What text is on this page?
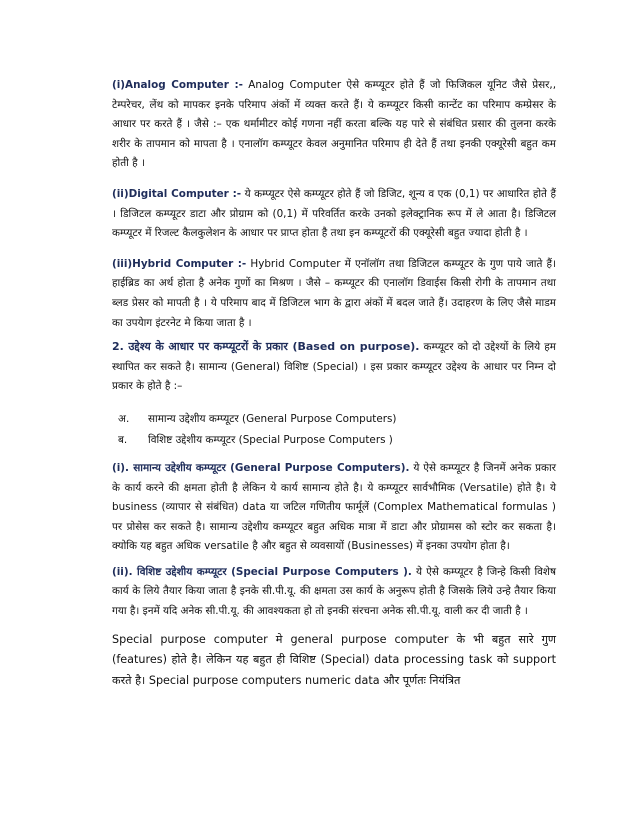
(i)Analog Computer :- Analog Computer ऐसे कम्प्यूटर होते हैं जो फिजिकल यूनिट जैसे प्रेसर,, टेम्परेचर, लेंथ को मापकर इनके परिमाप अंकों में व्यक्त करते हैं। ये कम्प्यूटर किसी कान्टेंट का परिमाप कम्प्रेसर के आधार पर करते हैं । जैसे :– एक थर्मामीटर कोई गणना नहीं करता बल्कि यह पारे से संबंधित प्रसार की तुलना करके शरीर के तापमान को मापता है । एनालॉग कम्प्यूटर केवल अनुमानित परिमाप ही देते हैं तथा इनकी एक्यूरेसी बहुत कम होती है ।

(ii)Digital Computer :- ये कम्प्यूटर ऐसे कम्प्यूटर होते हैं जो डिजिट, शून्य व एक (0,1) पर आधारित होते हैं । डिजिटल कम्प्यूटर डाटा और प्रोग्राम को (0,1) में परिवर्तित करके उनको इलेक्ट्रानिक रूप में ले आता है। डिजिटल कम्प्यूटर में रिजल्ट कैलकुलेशन के आधार पर प्राप्त होता है तथा इन कम्प्यूटरों की एक्यूरेसी बहुत ज्यादा होती है ।

(iii)Hybrid Computer :- Hybrid Computer में एनॉलॉग तथा डिजिटल कम्प्यूटर के गुण पाये जाते हैं। हाईब्रिड का अर्थ होता है अनेक गुणों का मिश्रण । जैसे – कम्प्यूटर की एनालॉग डिवाईस किसी रोगी के तापमान तथा ब्लड प्रेसर को मापती है । ये परिमाप बाद में डिजिटल भाग के द्वारा अंकों में बदल जाते हैं। उदाहरण के लिए जैसे माडम का उपयेाग इंटरनेट मे किया जाता है ।

2. उद्देश्य के आधार पर कम्प्यूटरों के प्रकार (Based on purpose). कम्प्यूटर को दो उद्देश्यों के लिये हम स्थापित कर सकते है। सामान्य (General) विशिष्ट (Special) । इस प्रकार कम्प्यूटर उद्देश्य के आधार पर निम्न दो प्रकार के होते है :–

अ.	सामान्य उद्देशीय कम्प्यूटर (General Purpose Computers)
ब.	विशिष्ट उद्देशीय कम्प्यूटर (Special Purpose Computers )

(i). सामान्य उद्देशीय कम्प्यूटर (General Purpose Computers). ये ऐसे कम्प्यूटर है जिनमें अनेक प्रकार के कार्य करने की क्षमता होती है लेकिन ये कार्य सामान्य होते है। ये कम्प्यूटर सार्वभौमिक (Versatile) होते है। ये business (व्यापार से संबंधित) data या जटिल गणितीय फार्मूलें (Complex Mathematical formulas ) पर प्रोसेस कर सकते है। सामान्य उद्देशीय कम्प्यूटर बहुत अधिक मात्रा में डाटा और प्रोग्रामस को स्टोर कर सकता है। क्योकि यह बहुत अधिक versatile है और बहुत से व्यवसायों (Businesses) में इनका उपयोग होता है।

(ii). विशिष्ट उद्देशीय कम्प्यूटर (Special Purpose Computers ). ये ऐसे कम्प्यूटर है जिन्हे किसी विशेष कार्य के लिये तैयार किया जाता है इनके सी.पी.यू. की क्षमता उस कार्य के अनुरूप होती है जिसके लिये उन्हे तैयार किया गया है। इनमें यदि अनेक सी.पी.यू. की आवश्यकता हो तो इनकी संरचना अनेक सी.पी.यू. वाली कर दी जाती है ।

Special purpose computer मे general purpose computer के भी बहुत सारे गुण (features) होते है। लेकिन यह बहुत ही विशिष्ट (Special) data processing task को support करते है। Special purpose computers numeric data और पूर्णतः नियंत्रित
